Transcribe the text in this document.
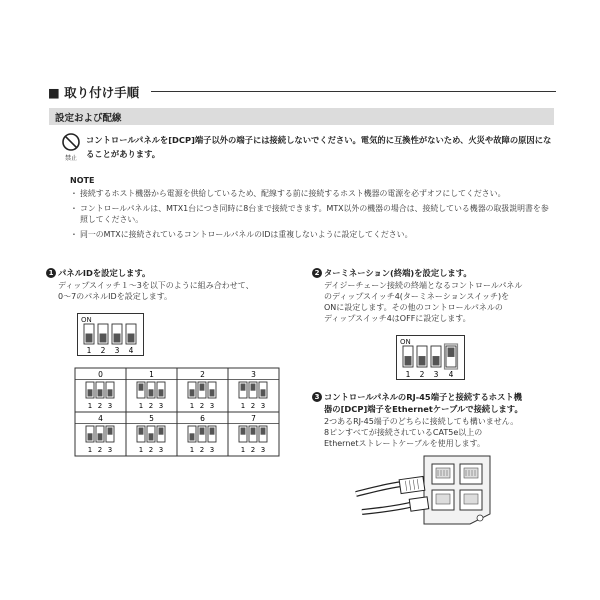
■ 取り付け手順
設定および配線
禁止
コントロールパネルを[DCP]端子以外の端子には接続しないでください。電気的に互換性がないため、火災や故障の原因になることがあります。
NOTE
・ 接続するホスト機器から電源を供給しているため、配線する前に接続するホスト機器の電源を必ずオフにしてください。
・ コントロールパネルは、MTX1台につき同時に8台まで接続できます。MTX以外の機器の場合は、接続している機器の取扱説明書を参照してください。
・ 同一のMTXに接続されているコントロールパネルのIDは重複しないように設定してください。
1 パネルIDを設定します。
ディップスイッチ１〜3を以下のように組み合わせて、
0〜7のパネルIDを設定します。
ON
1 2 3 4
0
1 2 3
1
1 2 3
2
1 2 3
3
1 2 3
4
1 2 3
5
1 2 3
6
1 2 3
7
1 2 3
2 ターミネーション(終端)を設定します。
デイジーチェーン接続の終端となるコントロールパネル
のディップスイッチ4(ターミネーションスイッチ)を
ONに設定します。その他のコントロールパネルの
ディップスイッチ4はOFFに設定します。
ON
1 2 3 4
3 コントロールパネルのRJ-45端子と接続するホスト機
器の[DCP]端子をEthernetケーブルで接続します。
2つあるRJ-45端子のどちらに接続しても構いません。
8ピンすべてが接続されているCAT5e以上の
Ethernetストレートケーブルを使用します。
